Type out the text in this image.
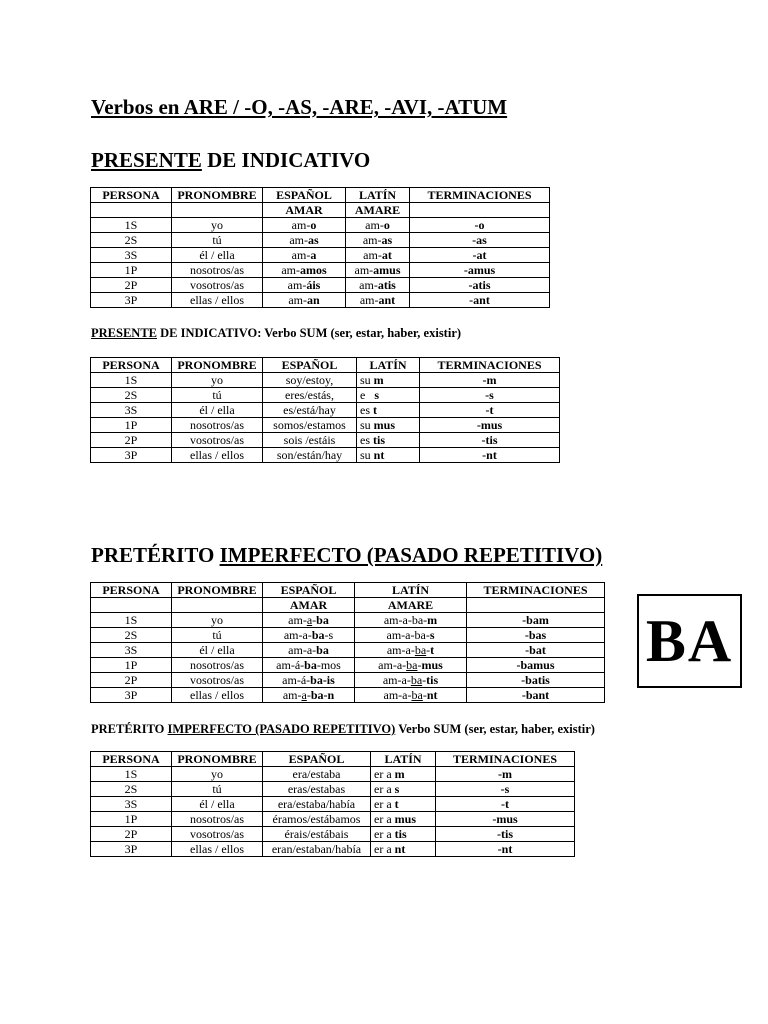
Verbos en ARE / -O, -AS, -ARE, -AVI, -ATUM
PRESENTE DE INDICATIVO
PERSONA	PRONOMBRE	ESPAÑOL	LATÍN	TERMINACIONES
		AMAR	AMARE	
1S	yo	am-o	am-o	-o
2S	tú	am-as	am-as	-as
3S	él / ella	am-a	am-at	-at
1P	nosotros/as	am-amos	am-amus	-amus
2P	vosotros/as	am-áis	am-atis	-atis
3P	ellas / ellos	am-an	am-ant	-ant
PRESENTE DE INDICATIVO: Verbo SUM (ser, estar, haber, existir)
PERSONA	PRONOMBRE	ESPAÑOL	LATÍN	TERMINACIONES
1S	yo	soy/estoy,	su m	-m
2S	tú	eres/estás,	e   s	-s
3S	él / ella	es/está/hay	es t	-t
1P	nosotros/as	somos/estamos	su mus	-mus
2P	vosotros/as	sois /estáis	es tis	-tis
3P	ellas / ellos	son/están/hay	su nt	-nt
PRETÉRITO IMPERFECTO (PASADO REPETITIVO)
PERSONA	PRONOMBRE	ESPAÑOL	LATÍN	TERMINACIONES
		AMAR	AMARE	
1S	yo	am-a-ba	am-a-ba-m	-bam
2S	tú	am-a-ba-s	am-a-ba-s	-bas
3S	él / ella	am-a-ba	am-a-ba-t	-bat
1P	nosotros/as	am-á-ba-mos	am-a-ba-mus	-bamus
2P	vosotros/as	am-á-ba-is	am-a-ba-tis	-batis
3P	ellas / ellos	am-a-ba-n	am-a-ba-nt	-bant
BA
PRETÉRITO IMPERFECTO (PASADO REPETITIVO) Verbo SUM (ser, estar, haber, existir)
PERSONA	PRONOMBRE	ESPAÑOL	LATÍN	TERMINACIONES
1S	yo	era/estaba	er a m	-m
2S	tú	eras/estabas	er a s	-s
3S	él / ella	era/estaba/había	er a t	-t
1P	nosotros/as	éramos/estábamos	er a mus	-mus
2P	vosotros/as	érais/estábais	er a tis	-tis
3P	ellas / ellos	eran/estaban/había	er a nt	-nt
